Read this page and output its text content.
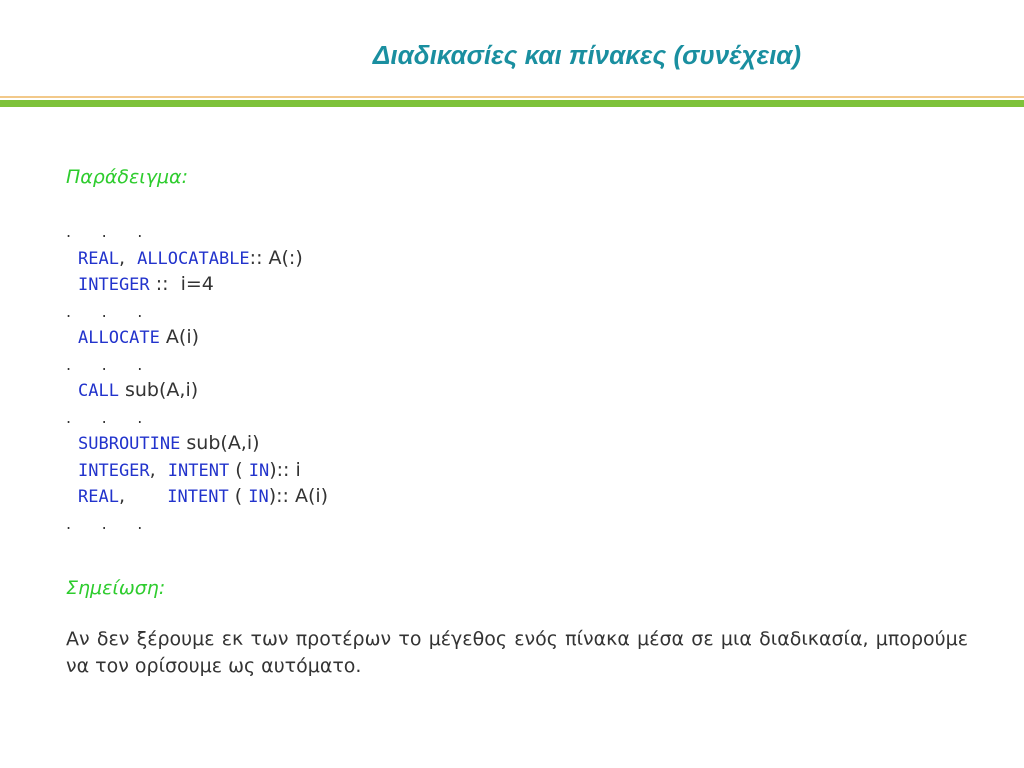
Διαδικασίες και πίνακες (συνέχεια)
Παράδειγμα:
.      .      .
REAL,  ALLOCATABLE:: A(:)
INTEGER ::  i=4
.      .      .
ALLOCATE A(i)
.      .      .
CALL sub(A,i)
.      .      .
SUBROUTINE sub(A,i)
INTEGER,  INTENT ( IN):: i
REAL,       INTENT ( IN):: A(i)
.      .      .
Σημείωση:
Αν δεν ξέρουμε εκ των προτέρων το μέγεθος ενός πίνακα μέσα σε μια διαδικασία, μπορούμε να τον ορίσουμε ως αυτόματο.
